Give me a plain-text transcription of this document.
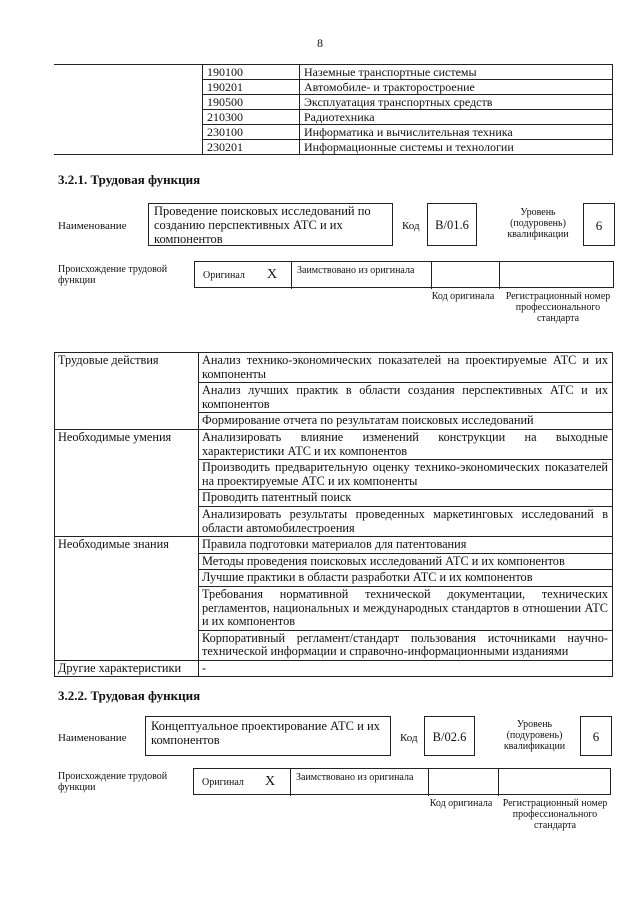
8
	190100	Наземные транспортные системы
	190201	Автомобиле- и тракторостроение
	190500	Эксплуатация транспортных средств
	210300	Радиотехника
	230100	Информатика и вычислительная техника
	230201	Информационные системы и технологии
3.2.1. Трудовая функция
Наименование
Проведение поисковых исследований по созданию перспективных АТС и их компонентов
Код	B/01.6
Уровень (подуровень) квалификации
6
Происхождение трудовой функции	Оригинал X Заимствовано из оригинала
Код оригинала Регистрационный номер профессионального стандарта
Трудовые действия	Анализ технико-экономических показателей на проектируемые АТС и их компоненты
	Анализ лучших практик в области создания перспективных АТС и их компонентов
	Формирование отчета по результатам поисковых исследований
Необходимые умения	Анализировать влияние изменений конструкции на выходные характеристики АТС и их компонентов
	Производить предварительную оценку технико-экономических показателей на проектируемые АТС и их компоненты
	Проводить патентный поиск
	Анализировать результаты проведенных маркетинговых исследований в области автомобилестроения
Необходимые знания	Правила подготовки материалов для патентования
	Методы проведения поисковых исследований АТС и их компонентов
	Лучшие практики в области разработки АТС и их компонентов
	Требования нормативной технической документации, технических регламентов, национальных и международных стандартов в отношении АТС и их компонентов
	Корпоративный регламент/стандарт пользования источниками научно-технической информации и справочно-информационными изданиями
Другие характеристики	-
3.2.2. Трудовая функция
Наименование
Концептуальное проектирование АТС и их компонентов	Код	B/02.6
Уровень (подуровень) квалификации
6
Происхождение трудовой функции	Оригинал X Заимствовано из оригинала
Код оригинала Регистрационный номер профессионального стандарта
